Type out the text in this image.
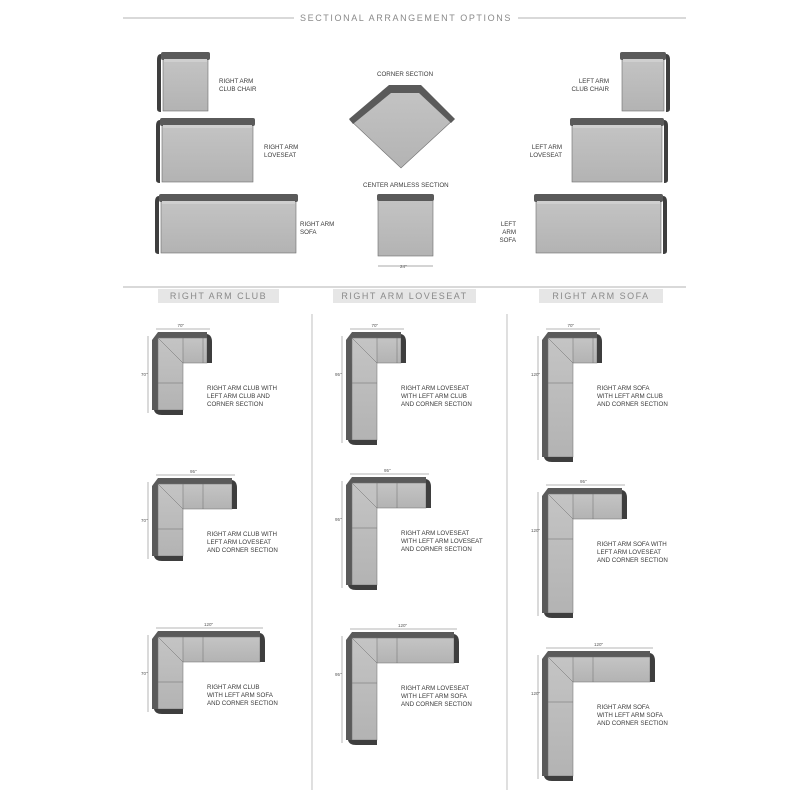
SECTIONAL ARRANGEMENT OPTIONS
RIGHT ARM
CLUB CHAIR
RIGHT ARM
LOVESEAT
RIGHT ARM
SOFA
CORNER SECTION
CENTER ARMLESS SECTION
24"
LEFT ARM
CLUB CHAIR
LEFT ARM
LOVESEAT
LEFT ARM
SOFA
RIGHT ARM CLUB	RIGHT ARM LOVESEAT	RIGHT ARM SOFA
70"
70"
RIGHT ARM CLUB WITH
LEFT ARM CLUB AND
CORNER SECTION
95"
70"
RIGHT ARM CLUB WITH
LEFT ARM LOVESEAT
AND CORNER SECTION
120"
70"
RIGHT ARM CLUB
WITH LEFT ARM SOFA
AND CORNER SECTION
70"
95"
RIGHT ARM LOVESEAT
WITH LEFT ARM CLUB
AND CORNER SECTION
95"
95"
RIGHT ARM LOVESEAT
WITH LEFT ARM LOVESEAT
AND CORNER SECTION
120"
95"
RIGHT ARM LOVESEAT
WITH LEFT ARM SOFA
AND CORNER SECTION
70"
120"
RIGHT ARM SOFA
WITH LEFT ARM CLUB
AND CORNER SECTION
95"
120"
RIGHT ARM SOFA WITH
LEFT ARM LOVESEAT
AND CORNER SECTION
120"
120"
RIGHT ARM SOFA
WITH LEFT ARM SOFA
AND CORNER SECTION
